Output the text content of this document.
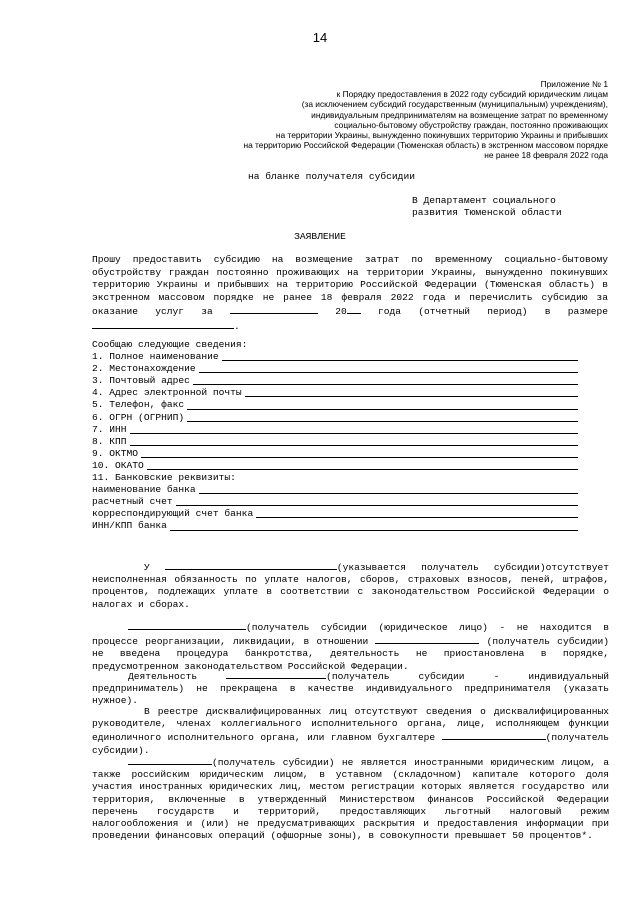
14
Приложение № 1
к Порядку предоставления в 2022 году субсидий юридическим лицам
(за исключением субсидий государственным (муниципальным) учреждениям),
индивидуальным предпринимателям на возмещение затрат по временному
социально-бытовому обустройству граждан, постоянно проживающих
на территории Украины, вынужденно покинувших территорию Украины и прибывших
на территорию Российской Федерации (Тюменская область) в экстренном массовом порядке
не ранее 18 февраля 2022 года
на бланке получателя субсидии
В Департамент социального
развития Тюменской области
ЗАЯВЛЕНИЕ
Прошу предоставить субсидию на возмещение затрат по временному социально-бытовому обустройству граждан постоянно проживающих на территории Украины, вынужденно покинувших территорию Украины и прибывших на территорию Российской Федерации (Тюменская область) в экстренном массовом порядке не ранее 18 февраля 2022 года и перечислить субсидию за оказание услуг за	20	года (отчетный период) в размере .
Сообщаю следующие сведения:
1. Полное наименование
2. Местонахождение
3. Почтовый адрес
4. Адрес электронной почты
5. Телефон, факс
6. ОГРН (ОГРНИП)
7. ИНН
8. КПП
9. ОКТМО
10. ОКАТО
11. Банковские реквизиты:
наименование банка
расчетный счет
корреспондирующий счет банка
ИНН/КПП банка
У	(указывается получатель субсидии)отсутствует неисполненная обязанность по уплате налогов, сборов, страховых взносов, пеней, штрафов, процентов, подлежащих уплате в соответствии с законодательством Российской Федерации о налогах и сборах.
(получатель субсидии (юридическое лицо) - не находится в процессе реорганизации, ликвидации, в отношении	(получатель субсидии) не введена процедура банкротства, деятельность не приостановлена в порядке, предусмотренном законодательством Российской Федерации.
Деятельность	(получатель субсидии - индивидуальный предприниматель) не прекращена в качестве индивидуального предпринимателя (указать нужное).
В реестре дисквалифицированных лиц отсутствуют сведения о дисквалифицированных руководителе, членах коллегиального исполнительного органа, лице, исполняющем функции единоличного исполнительного органа, или главном бухгалтере	(получатель субсидии).
(получатель субсидии) не является иностранными юридическим лицом, а также российским юридическим лицом, в уставном (складочном) капитале которого доля участия иностранных юридических лиц, местом регистрации которых является государство или территория, включенные в утвержденный Министерством финансов Российской Федерации перечень государств и территорий, предоставляющих льготный налоговый режим налогообложения и (или) не предусматривающих раскрытия и предоставления информации при проведении финансовых операций (офшорные зоны), в совокупности превышает 50 процентов*.
